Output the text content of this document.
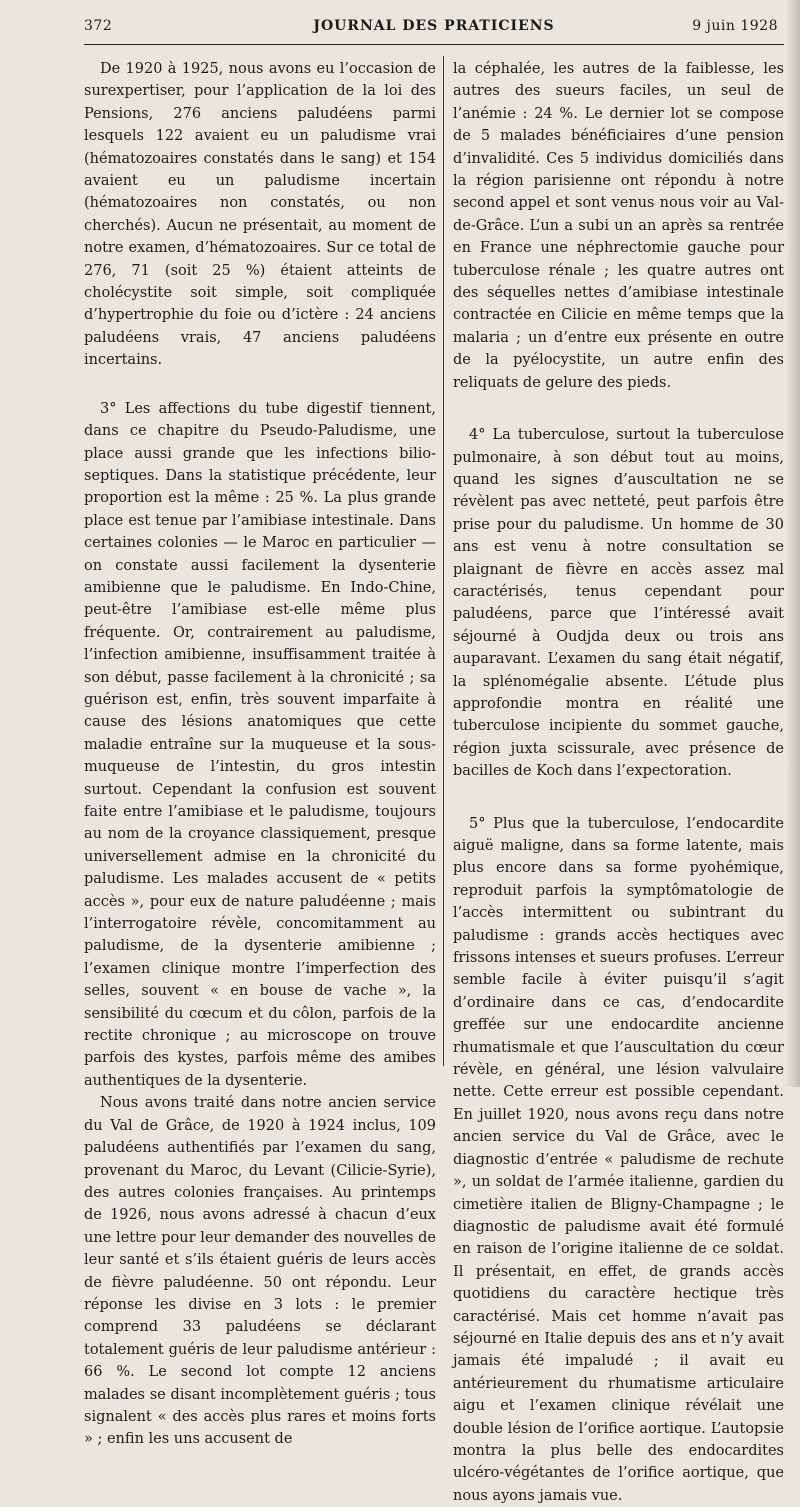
372	JOURNAL DES PRATICIENS	9 juin 1928

De 1920 à 1925, nous avons eu l’occasion de surexpertiser, pour l’application de la loi des Pensions, 276 anciens paludéens parmi lesquels 122 avaient eu un paludisme vrai (hématozoaires constatés dans le sang) et 154 avaient eu un paludisme incertain (hématozoaires non constatés, ou non cherchés). Aucun ne présentait, au moment de notre examen, d’hématozoaires. Sur ce total de 276, 71 (soit 25 %) étaient atteints de cholécystite soit simple, soit compliquée d’hypertrophie du foie ou d’ictère : 24 anciens paludéens vrais, 47 anciens paludéens incertains.

3° Les affections du tube digestif tiennent, dans ce chapitre du Pseudo-Paludisme, une place aussi grande que les infections bilio-septiques. Dans la statistique précédente, leur proportion est la même : 25 %. La plus grande place est tenue par l’amibiase intestinale. Dans certaines colonies — le Maroc en particulier — on constate aussi facilement la dysenterie amibienne que le paludisme. En Indo-Chine, peut-être l’amibiase est-elle même plus fréquente. Or, contrairement au paludisme, l’infection amibienne, insuffisamment traitée à son début, passe facilement à la chronicité ; sa guérison est, enfin, très souvent imparfaite à cause des lésions anatomiques que cette maladie entraîne sur la muqueuse et la sous-muqueuse de l’intestin, du gros intestin surtout. Cependant la confusion est souvent faite entre l’amibiase et le paludisme, toujours au nom de la croyance classiquement, presque universellement admise en la chronicité du paludisme. Les malades accusent de « petits accès », pour eux de nature paludéenne ; mais l’interrogatoire révèle, concomitamment au paludisme, de la dysenterie amibienne ; l’examen clinique montre l’imperfection des selles, souvent « en bouse de vache », la sensibilité du cœcum et du côlon, parfois de la rectite chronique ; au microscope on trouve parfois des kystes, parfois même des amibes authentiques de la dysenterie.

Nous avons traité dans notre ancien service du Val de Grâce, de 1920 à 1924 inclus, 109 paludéens authentifiés par l’examen du sang, provenant du Maroc, du Levant (Cilicie-Syrie), des autres colonies françaises. Au printemps de 1926, nous avons adressé à chacun d’eux une lettre pour leur demander des nouvelles de leur santé et s’ils étaient guéris de leurs accès de fièvre paludéenne. 50 ont répondu. Leur réponse les divise en 3 lots : le premier comprend 33 paludéens se déclarant totalement guéris de leur paludisme antérieur : 66 %. Le second lot compte 12 anciens malades se disant incomplètement guéris ; tous signalent « des accès plus rares et moins forts » ; enfin les uns accusent de

la céphalée, les autres de la faiblesse, les autres des sueurs faciles, un seul de l’anémie : 24 %. Le dernier lot se compose de 5 malades bénéficiaires d’une pension d’invalidité. Ces 5 individus domiciliés dans la région parisienne ont répondu à notre second appel et sont venus nous voir au Val-de-Grâce. L’un a subi un an après sa rentrée en France une néphrectomie gauche pour tuberculose rénale ; les quatre autres ont des séquelles nettes d’amibiase intestinale contractée en Cilicie en même temps que la malaria ; un d’entre eux présente en outre de la pyélocystite, un autre enfin des reliquats de gelure des pieds.

4° La tuberculose, surtout la tuberculose pulmonaire, à son début tout au moins, quand les signes d’auscultation ne se révèlent pas avec netteté, peut parfois être prise pour du paludisme. Un homme de 30 ans est venu à notre consultation se plaignant de fièvre en accès assez mal caractérisés, tenus cependant pour paludéens, parce que l’intéressé avait séjourné à Oudjda deux ou trois ans auparavant. L’examen du sang était négatif, la splénomégalie absente. L’étude plus approfondie montra en réalité une tuberculose incipiente du sommet gauche, région juxta scissurale, avec présence de bacilles de Koch dans l’expectoration.

5° Plus que la tuberculose, l’endocardite aiguë maligne, dans sa forme latente, mais plus encore dans sa forme pyohémique, reproduit parfois la symptômatologie de l’accès intermittent ou subintrant du paludisme : grands accès hectiques avec frissons intenses et sueurs profuses. L’erreur semble facile à éviter puisqu’il s’agit d’ordinaire dans ce cas, d’endocardite greffée sur une endocardite ancienne rhumatismale et que l’auscultation du cœur révèle, en général, une lésion valvulaire nette. Cette erreur est possible cependant. En juillet 1920, nous avons reçu dans notre ancien service du Val de Grâce, avec le diagnostic d’entrée « paludisme de rechute », un soldat de l’armée italienne, gardien du cimetière italien de Bligny-Champagne ; le diagnostic de paludisme avait été formulé en raison de l’origine italienne de ce soldat. Il présentait, en effet, de grands accès quotidiens du caractère hectique très caractérisé. Mais cet homme n’avait pas séjourné en Italie depuis des ans et n’y avait jamais été impaludé ; il avait eu antérieurement du rhumatisme articulaire aigu et l’examen clinique révélait une double lésion de l’orifice aortique. L’autopsie montra la plus belle des endocardites ulcéro-végétantes de l’orifice aortique, que nous ayons jamais vue.
